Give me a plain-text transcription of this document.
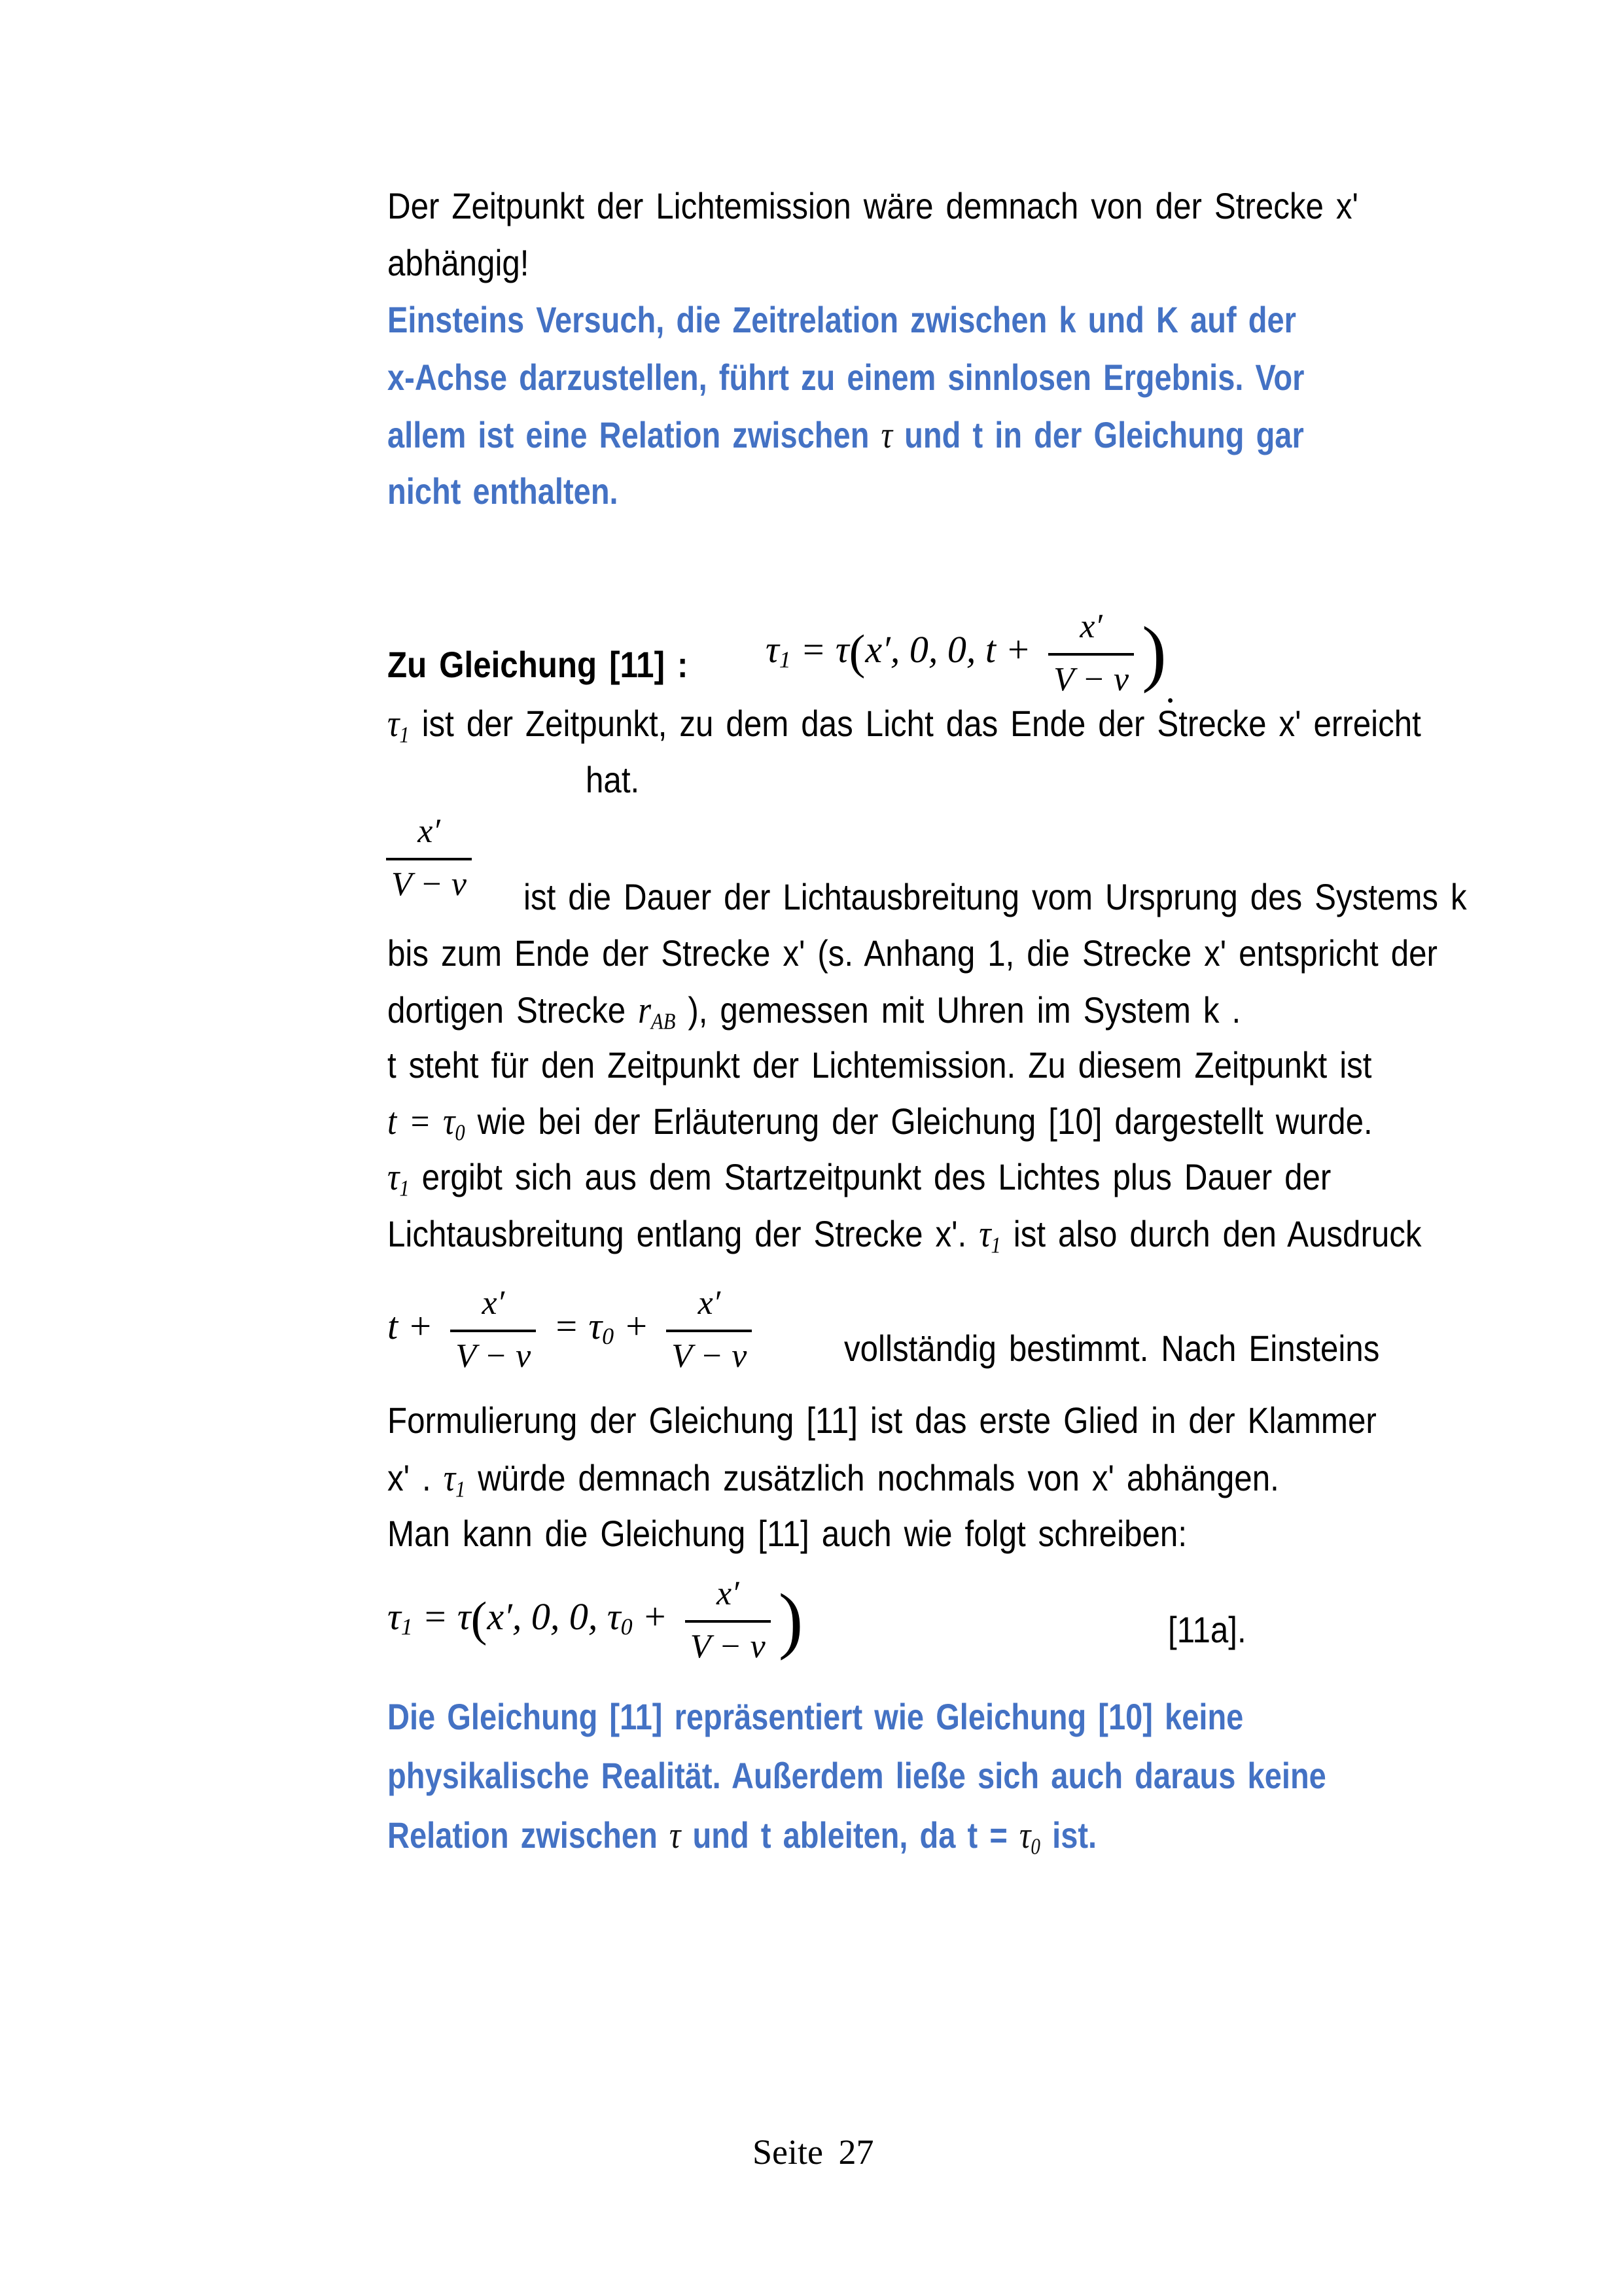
Der Zeitpunkt der Lichtemission wäre demnach von der Strecke x'
abhängig!
Einsteins Versuch, die Zeitrelation zwischen k und K auf der
x-Achse darzustellen, führt zu einem sinnlosen Ergebnis. Vor
allem ist eine Relation zwischen τ und t in der Gleichung gar
nicht enthalten.
Zu Gleichung [11] : τ1 = τ(x′, 0, 0, $t + \frac{x'}{V - v}$ ).
τ1 ist der Zeitpunkt, zu dem das Licht das Ende der Strecke x' erreicht
hat.
$\frac{x'}{V - v}$ ist die Dauer der Lichtausbreitung vom Ursprung des Systems k
bis zum Ende der Strecke x' (s. Anhang 1, die Strecke x' entspricht der
dortigen Strecke rAB ), gemessen mit Uhren im System k .
t steht für den Zeitpunkt der Lichtemission. Zu diesem Zeitpunkt ist
t = τ0 wie bei der Erläuterung der Gleichung [10] dargestellt wurde.
τ1 ergibt sich aus dem Startzeitpunkt des Lichtes plus Dauer der
Lichtausbreitung entlang der Strecke x'. τ1 ist also durch den Ausdruck
$t + \frac{x'}{V - v} = \tau 0 + \frac{x'}{V - v}$ vollständig bestimmt. Nach Einsteins
Formulierung der Gleichung [11] ist das erste Glied in der Klammer
x' . τ1 würde demnach zusätzlich nochmals von x' abhängen.
Man kann die Gleichung [11] auch wie folgt schreiben:
τ1 = τ(x′, 0, 0, $\tau 0 + \frac{x'}{V - v}$ )	[11a].
Die Gleichung [11] repräsentiert wie Gleichung [10] keine
physikalische Realität. Außerdem ließe sich auch daraus keine
Relation zwischen τ und t ableiten, da t = τ0 ist.
Seite 27
